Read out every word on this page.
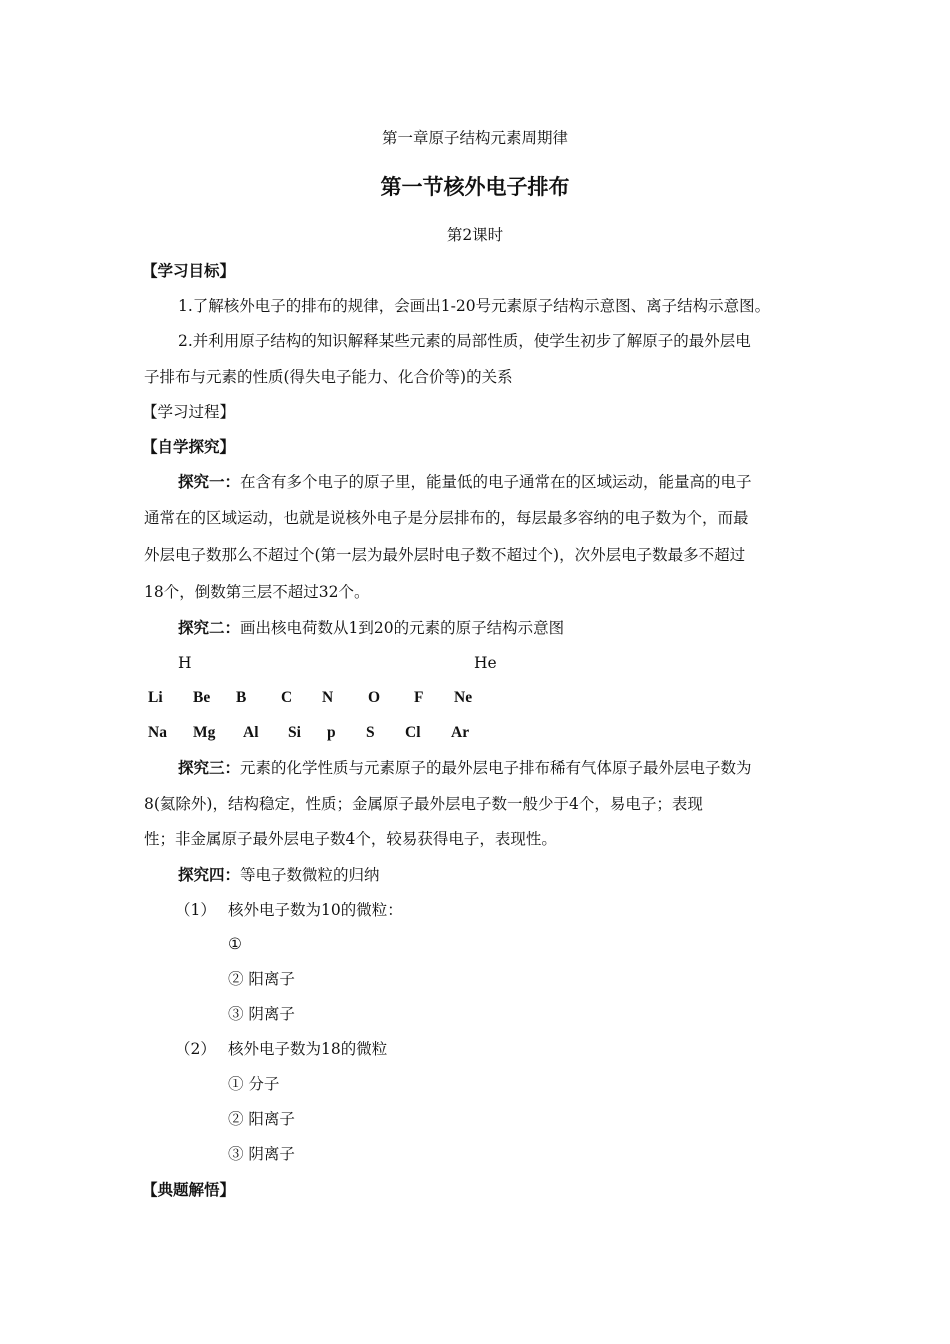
第一章原子结构元素周期律
第一节核外电子排布
第2课时
【学习目标】
1.了解核外电子的排布的规律，会画出1-20号元素原子结构示意图、离子结构示意图。
2.并利用原子结构的知识解释某些元素的局部性质，使学生初步了解原子的最外层电
子排布与元素的性质(得失电子能力、化合价等)的关系
【学习过程】
【自学探究】
探究一：在含有多个电子的原子里，能量低的电子通常在的区域运动，能量高的电子
通常在的区域运动，也就是说核外电子是分层排布的，每层最多容纳的电子数为个，而最
外层电子数那么不超过个(第一层为最外层时电子数不超过个)，次外层电子数最多不超过
18个，倒数第三层不超过32个。
探究二：画出核电荷数从1到20的元素的原子结构示意图
H	He
Li Be B C N O F Ne
Na Mg Al Si p S Cl Ar
探究三：元素的化学性质与元素原子的最外层电子排布稀有气体原子最外层电子数为
8(氦除外)，结构稳定，性质；金属原子最外层电子数一般少于4个，易电子；表现
性；非金属原子最外层电子数4个，较易获得电子，表现性。
探究四：等电子数微粒的归纳
（1） 核外电子数为10的微粒：
①
② 阳离子
③ 阴离子
（2） 核外电子数为18的微粒
① 分子
② 阳离子
③ 阴离子
【典题解悟】
